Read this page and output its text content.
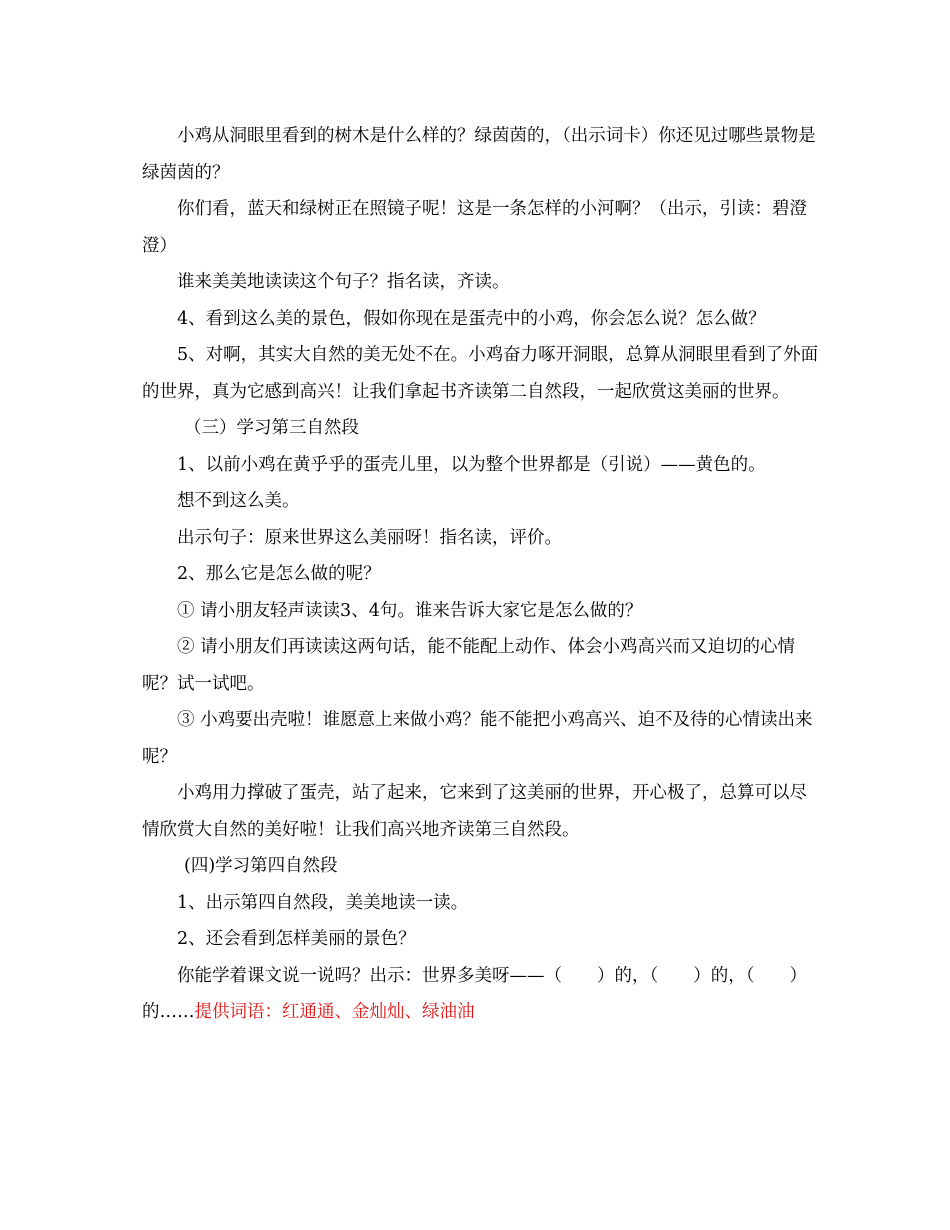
小鸡从洞眼里看到的树木是什么样的？绿茵茵的，（出示词卡）你还见过哪些景物是绿茵茵的？

你们看，蓝天和绿树正在照镜子呢！这是一条怎样的小河啊？（出示，引读：碧澄澄）

谁来美美地读读这个句子？指名读，齐读。

4、看到这么美的景色，假如你现在是蛋壳中的小鸡，你会怎么说？怎么做？

5、对啊，其实大自然的美无处不在。小鸡奋力啄开洞眼，总算从洞眼里看到了外面的世界，真为它感到高兴！让我们拿起书齐读第二自然段，一起欣赏这美丽的世界。

（三）学习第三自然段

1、以前小鸡在黄乎乎的蛋壳儿里，以为整个世界都是（引说）——黄色的。

想不到这么美。

出示句子：原来世界这么美丽呀！指名读，评价。

2、那么它是怎么做的呢？

① 请小朋友轻声读读3、4句。谁来告诉大家它是怎么做的？

② 请小朋友们再读读这两句话，能不能配上动作、体会小鸡高兴而又迫切的心情呢？试一试吧。

③ 小鸡要出壳啦！谁愿意上来做小鸡？能不能把小鸡高兴、迫不及待的心情读出来呢？

小鸡用力撑破了蛋壳，站了起来，它来到了这美丽的世界，开心极了，总算可以尽情欣赏大自然的美好啦！让我们高兴地齐读第三自然段。

(四)学习第四自然段

1、出示第四自然段，美美地读一读。

2、还会看到怎样美丽的景色？

你能学着课文说一说吗？出示：世界多美呀——（　　）的，（　　）的，（　　）的……提供词语：红通通、金灿灿、绿油油
